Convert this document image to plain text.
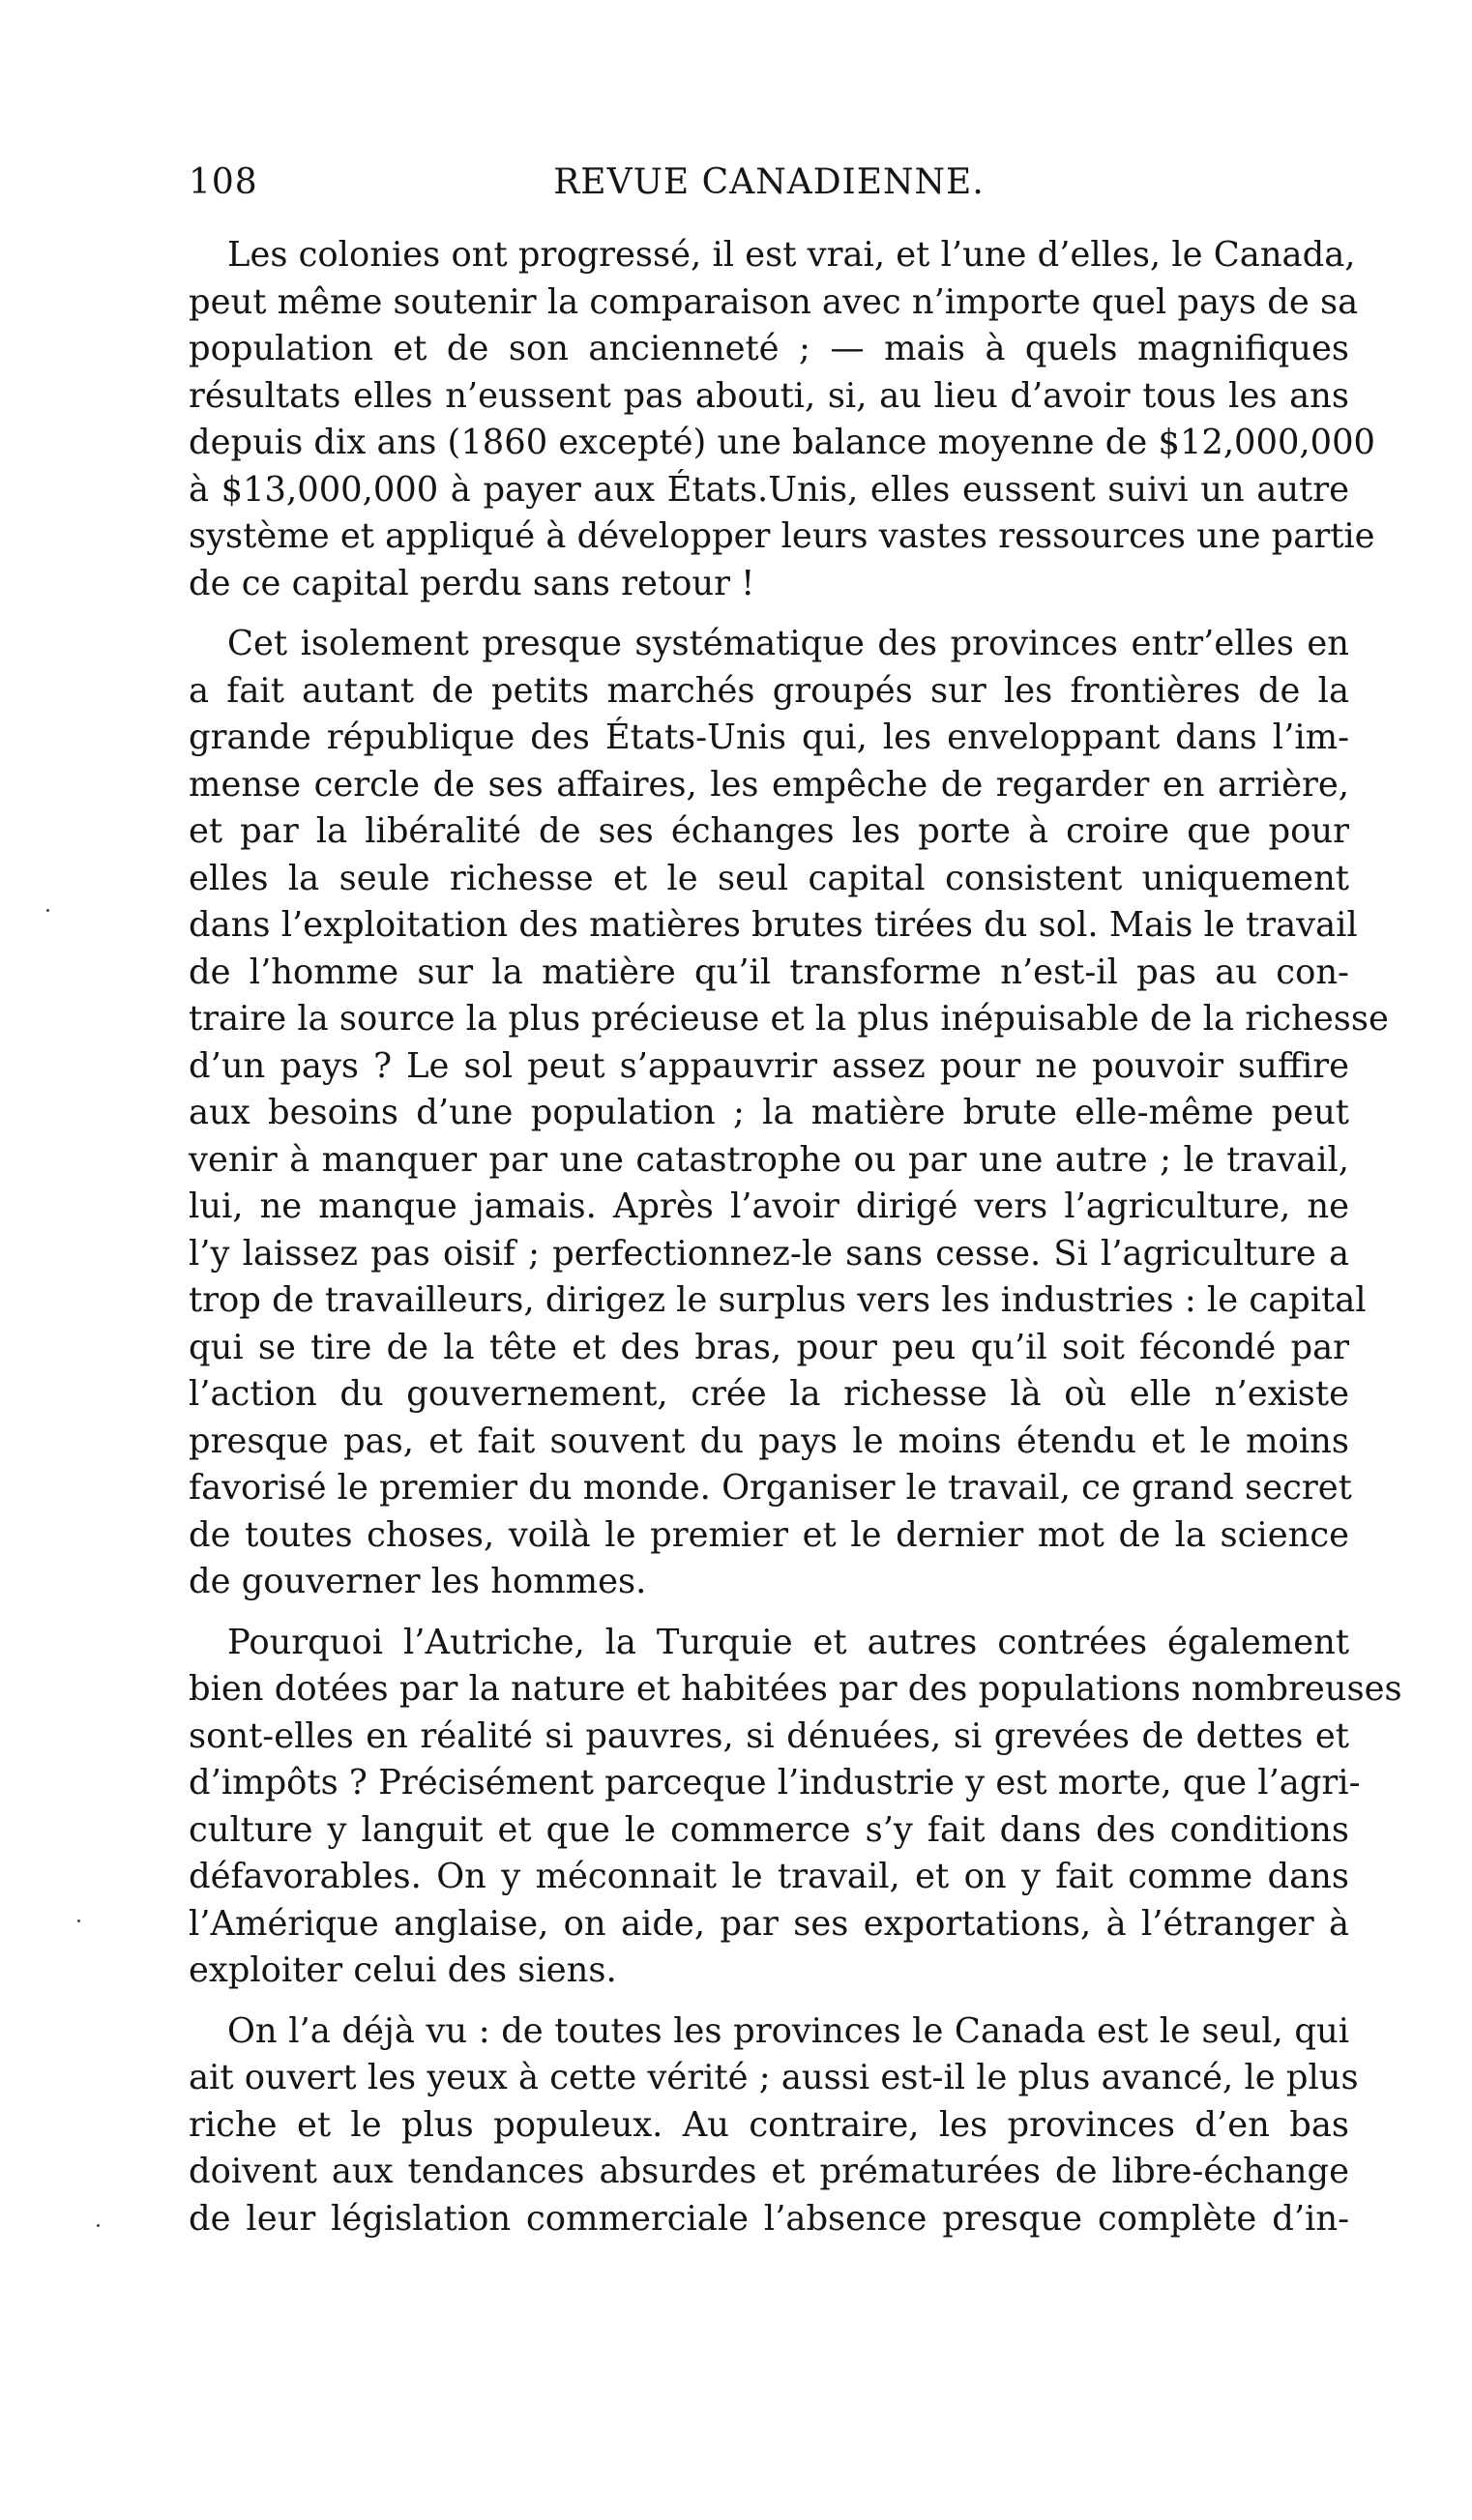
108	REVUE CANADIENNE.

Les colonies ont progressé, il est vrai, et l’une d’elles, le Canada,
peut même soutenir la comparaison avec n’importe quel pays de sa
population et de son ancienneté ; — mais à quels magnifiques
résultats elles n’eussent pas abouti, si, au lieu d’avoir tous les ans
depuis dix ans (1860 excepté) une balance moyenne de $12,000,000
à $13,000,000 à payer aux États.Unis, elles eussent suivi un autre
système et appliqué à développer leurs vastes ressources une partie
de ce capital perdu sans retour !

Cet isolement presque systématique des provinces entr’elles en
a fait autant de petits marchés groupés sur les frontières de la
grande république des États-Unis qui, les enveloppant dans l’im-
mense cercle de ses affaires, les empêche de regarder en arrière,
et par la libéralité de ses échanges les porte à croire que pour
elles la seule richesse et le seul capital consistent uniquement
dans l’exploitation des matières brutes tirées du sol. Mais le travail
de l’homme sur la matière qu’il transforme n’est-il pas au con-
traire la source la plus précieuse et la plus inépuisable de la richesse
d’un pays ? Le sol peut s’appauvrir assez pour ne pouvoir suffire
aux besoins d’une population ; la matière brute elle-même peut
venir à manquer par une catastrophe ou par une autre ; le travail,
lui, ne manque jamais. Après l’avoir dirigé vers l’agriculture, ne
l’y laissez pas oisif ; perfectionnez-le sans cesse. Si l’agriculture a
trop de travailleurs, dirigez le surplus vers les industries : le capital
qui se tire de la tête et des bras, pour peu qu’il soit fécondé par
l’action du gouvernement, crée la richesse là où elle n’existe
presque pas, et fait souvent du pays le moins étendu et le moins
favorisé le premier du monde. Organiser le travail, ce grand secret
de toutes choses, voilà le premier et le dernier mot de la science
de gouverner les hommes.

Pourquoi l’Autriche, la Turquie et autres contrées également
bien dotées par la nature et habitées par des populations nombreuses
sont-elles en réalité si pauvres, si dénuées, si grevées de dettes et
d’impôts ? Précisément parceque l’industrie y est morte, que l’agri-
culture y languit et que le commerce s’y fait dans des conditions
défavorables. On y méconnait le travail, et on y fait comme dans
l’Amérique anglaise, on aide, par ses exportations, à l’étranger à
exploiter celui des siens.

On l’a déjà vu : de toutes les provinces le Canada est le seul, qui
ait ouvert les yeux à cette vérité ; aussi est-il le plus avancé, le plus
riche et le plus populeux. Au contraire, les provinces d’en bas
doivent aux tendances absurdes et prématurées de libre-échange
de leur législation commerciale l’absence presque complète d’in-
